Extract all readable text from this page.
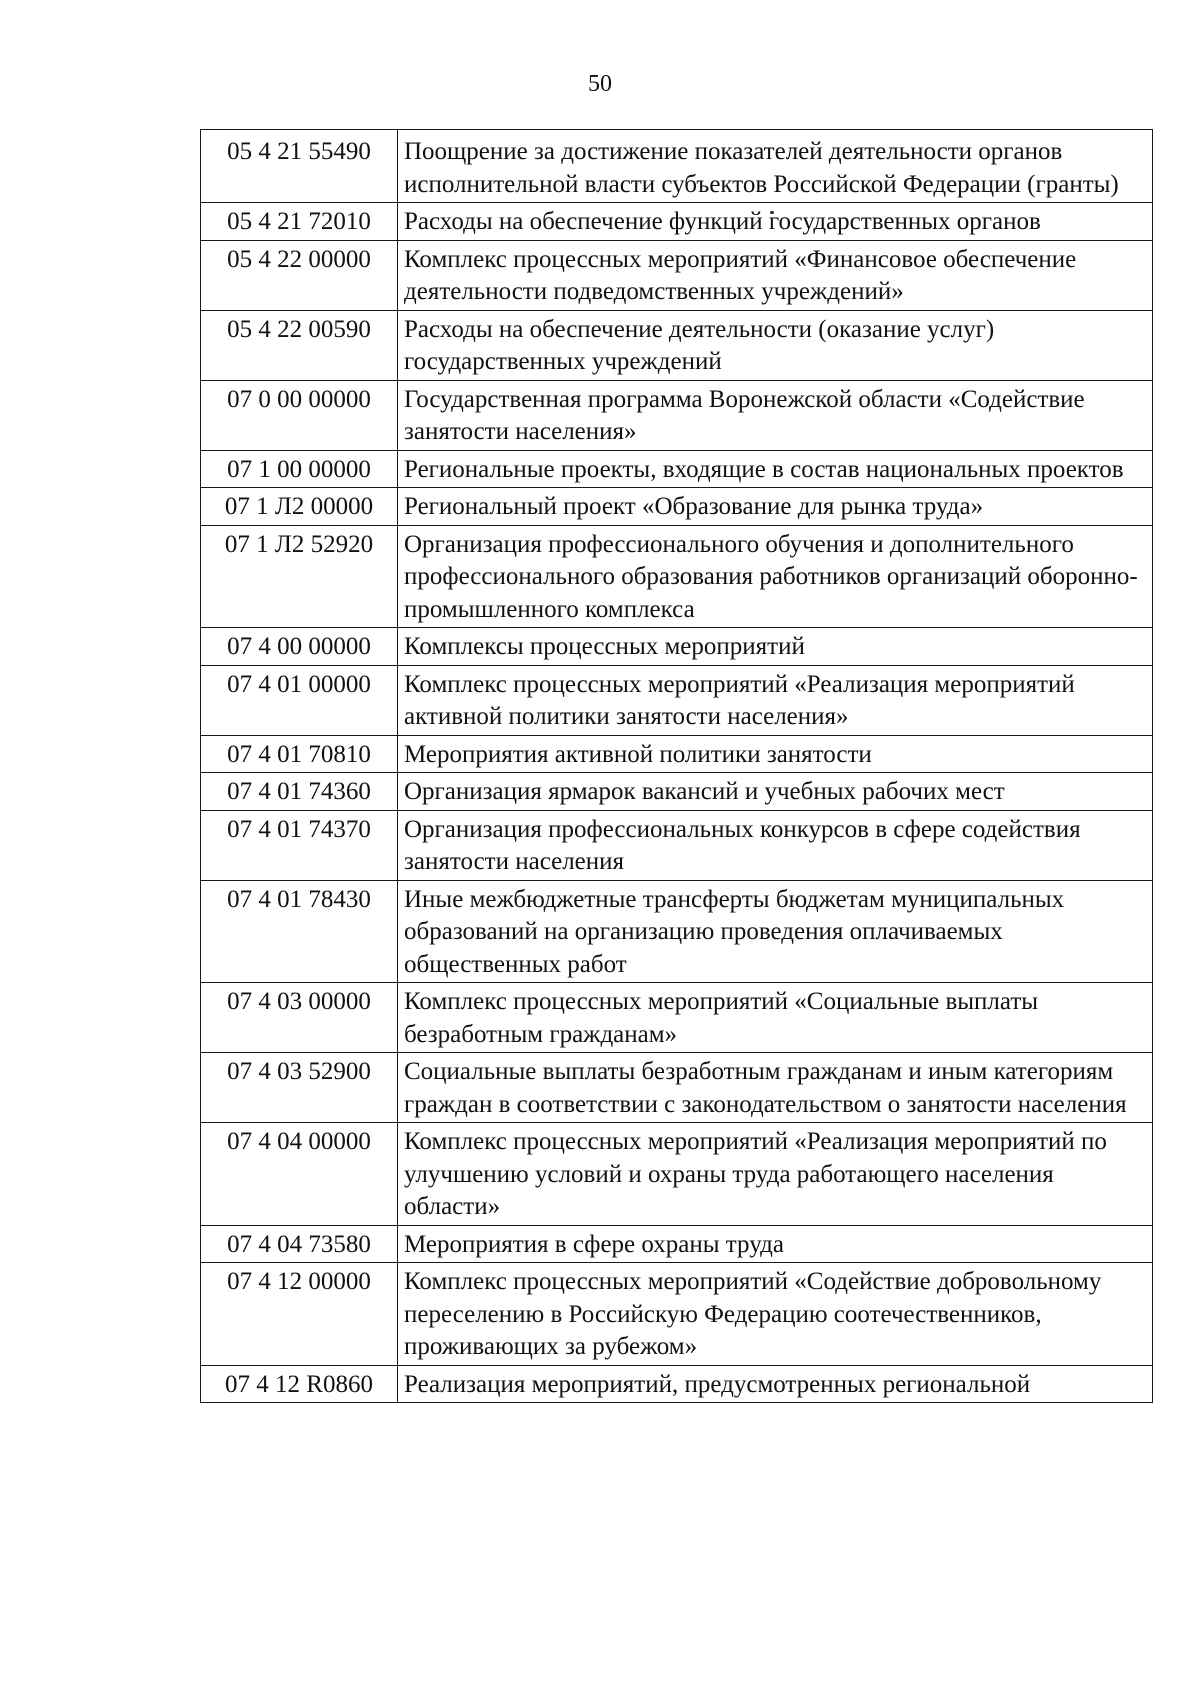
50
05 4 21 55490	Поощрение за достижение показателей деятельности органов исполнительной власти субъектов Российской Федерации (гранты)
05 4 21 72010	Расходы на обеспечение функций государственных органов
05 4 22 00000	Комплекс процессных мероприятий «Финансовое обеспечение деятельности подведомственных учреждений»
05 4 22 00590	Расходы на обеспечение деятельности (оказание услуг) государственных учреждений
07 0 00 00000	Государственная программа Воронежской области «Содействие занятости населения»
07 1 00 00000	Региональные проекты, входящие в состав национальных проектов
07 1 Л2 00000	Региональный проект «Образование для рынка труда»
07 1 Л2 52920	Организация профессионального обучения и дополнительного профессионального образования работников организаций оборонно-промышленного комплекса
07 4 00 00000	Комплексы процессных мероприятий
07 4 01 00000	Комплекс процессных мероприятий «Реализация мероприятий активной политики занятости населения»
07 4 01 70810	Мероприятия активной политики занятости
07 4 01 74360	Организация ярмарок вакансий и учебных рабочих мест
07 4 01 74370	Организация профессиональных конкурсов в сфере содействия занятости населения
07 4 01 78430	Иные межбюджетные трансферты бюджетам муниципальных образований на организацию проведения оплачиваемых общественных работ
07 4 03 00000	Комплекс процессных мероприятий «Социальные выплаты безработным гражданам»
07 4 03 52900	Социальные выплаты безработным гражданам и иным категориям граждан в соответствии с законодательством о занятости населения
07 4 04 00000	Комплекс процессных мероприятий «Реализация мероприятий по улучшению условий и охраны труда работающего населения области»
07 4 04 73580	Мероприятия в сфере охраны труда
07 4 12 00000	Комплекс процессных мероприятий «Содействие добровольному переселению в Российскую Федерацию соотечественников, проживающих за рубежом»
07 4 12 R0860	Реализация мероприятий, предусмотренных региональной
